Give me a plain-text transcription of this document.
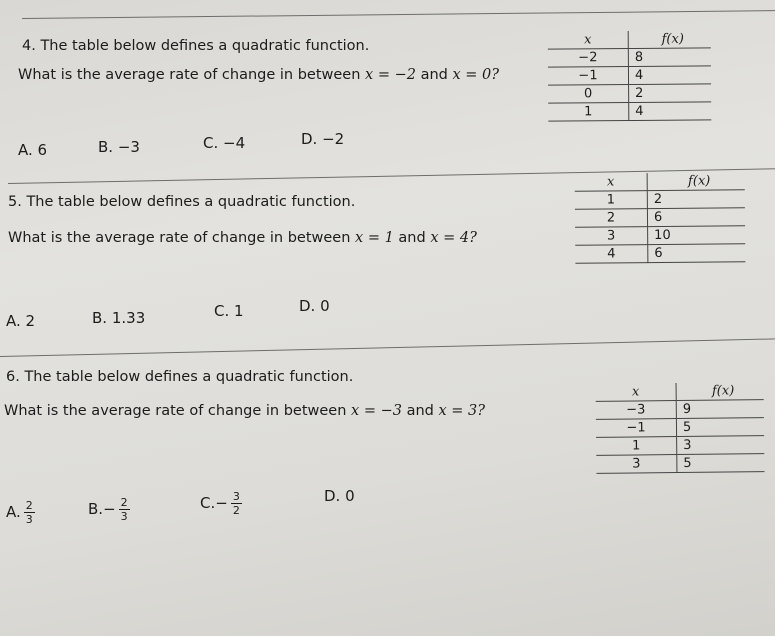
4. The table below defines a quadratic function.
What is the average rate of change in between x = −2 and x = 0?
A. 6	B. −3	C. −4	D. −2
x	f(x)
−2	8
−1	4
0	2
1	4
5. The table below defines a quadratic function.
What is the average rate of change in between x = 1 and x = 4?
A. 2	B. 1.33	C. 1	D. 0
x	f(x)
1	2
2	6
3	10
4	6
6. The table below defines a quadratic function.
What is the average rate of change in between x = −3 and x = 3?
A. $\frac{2}{3}$	$B.- \frac{2}{3}$	$C.- \frac{3}{2}$	D. 0
x	f(x)
−3	9
−1	5
1	3
3	5
